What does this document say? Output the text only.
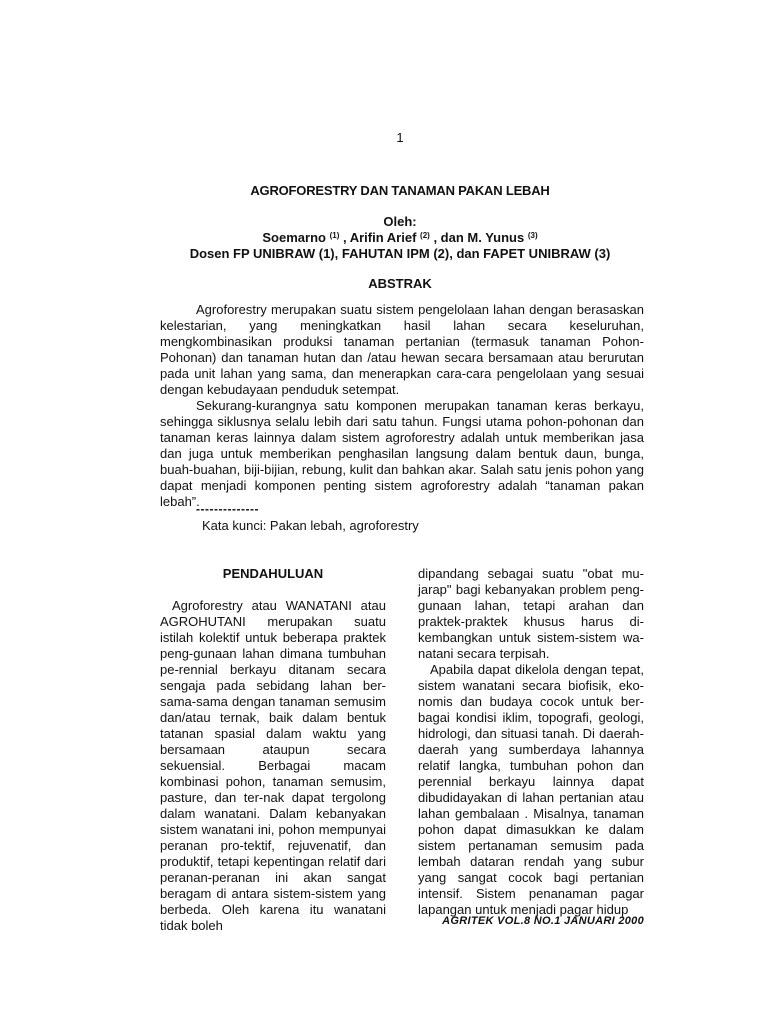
1
AGROFORESTRY DAN TANAMAN PAKAN LEBAH
Oleh:
Soemarno $^{(1)}$ , Arifin Arief $^{(2)}$ , dan M. Yunus $^{(3)}$
Dosen FP UNIBRAW (1), FAHUTAN IPM (2), dan FAPET UNIBRAW (3)
ABSTRAK

Agroforestry merupakan suatu sistem pengelolaan lahan dengan berasaskan kelestarian, yang meningkatkan hasil lahan secara keseluruhan, mengkombinasikan produksi tanaman pertanian (termasuk tanaman Pohon-Pohonan) dan tanaman hutan dan /atau hewan secara bersamaan atau berurutan pada unit lahan yang sama, dan menerapkan cara-cara pengelolaan yang sesuai dengan kebudayaan penduduk setempat.

Sekurang-kurangnya satu komponen merupakan tanaman keras berkayu, sehingga siklusnya selalu lebih dari satu tahun. Fungsi utama pohon-pohonan dan tanaman keras lainnya dalam sistem agroforestry adalah untuk memberikan jasa dan juga untuk memberikan penghasilan langsung dalam bentuk daun, bunga, buah-buahan, biji-bijian, rebung, kulit dan bahkan akar. Salah satu jenis pohon yang dapat menjadi komponen penting sistem agroforestry adalah “tanaman pakan lebah”.

--------------
Kata kunci: Pakan lebah, agroforestry
PENDAHULUAN

Agroforestry atau WANATANI atau AGROHUTANI merupakan suatu istilah kolektif untuk beberapa praktek peng-gunaan lahan dimana tumbuhan pe-rennial berkayu ditanam secara sengaja pada sebidang lahan ber-sama-sama dengan tanaman semusim dan/atau ternak, baik dalam bentuk tatanan spasial dalam waktu yang bersamaan ataupun secara sekuensial. Berbagai macam kombinasi pohon, tanaman semusim, pasture, dan ter-nak dapat tergolong dalam wanatani. Dalam kebanyakan sistem wanatani ini, pohon mempunyai peranan pro-tektif, rejuvenatif, dan produktif, tetapi kepentingan relatif dari peranan-peranan ini akan sangat beragam di antara sistem-sistem yang berbeda. Oleh karena itu wanatani tidak boleh

dipandang sebagai suatu "obat mu-jarap" bagi kebanyakan problem peng-gunaan lahan, tetapi arahan dan praktek-praktek khusus harus di-kembangkan untuk sistem-sistem wa-natani secara terpisah.

Apabila dapat dikelola dengan tepat, sistem wanatani secara biofisik, eko-nomis dan budaya cocok untuk ber-bagai kondisi iklim, topografi, geologi, hidrologi, dan situasi tanah. Di daerah-daerah yang sumberdaya lahannya relatif langka, tumbuhan pohon dan perennial berkayu lainnya dapat dibudidayakan di lahan pertanian atau lahan gembalaan . Misalnya, tanaman pohon dapat dimasukkan ke dalam sistem pertanaman semusim pada lembah dataran rendah yang subur yang sangat cocok bagi pertanian intensif. Sistem penanaman pagar lapangan untuk menjadi pagar hidup

AGRITEK VOL.8 NO.1 JANUARI 2000
